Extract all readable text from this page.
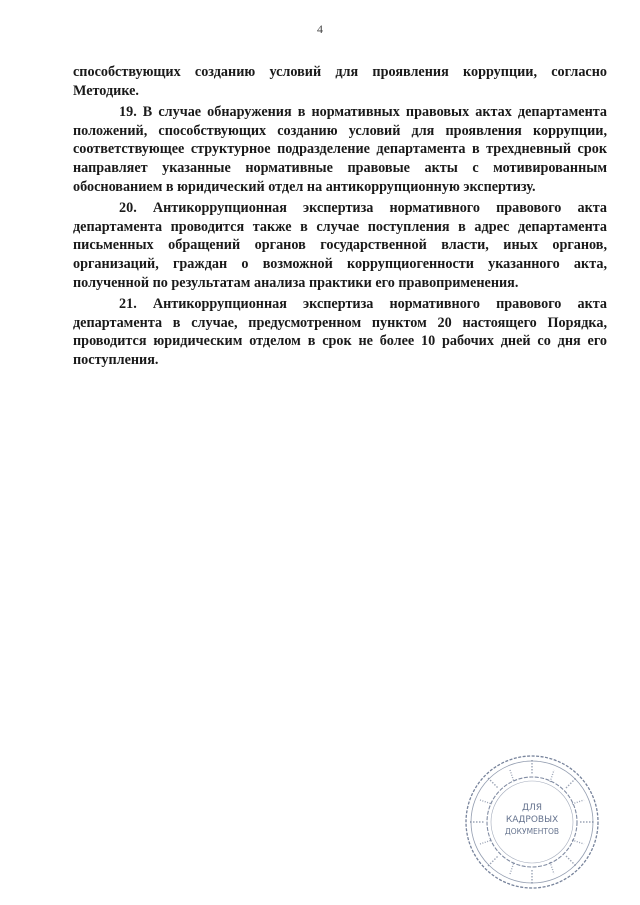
4

способствующих созданию условий для проявления коррупции, согласно
Методике.

19. В случае обнаружения в нормативных правовых актах департамента
положений, способствующих созданию условий для проявления коррупции,
соответствующее структурное подразделение департамента в трехдневный срок
направляет указанные нормативные правовые акты с мотивированным
обоснованием в юридический отдел на антикоррупционную экспертизу.

20. Антикоррупционная экспертиза нормативного правового акта
департамента проводится также в случае поступления в адрес департамента
письменных обращений органов государственной власти, иных органов,
организаций, граждан о возможной коррупциогенности указанного акта,
полученной по результатам анализа практики его правоприменения.

21. Антикоррупционная экспертиза нормативного правового акта
департамента в случае, предусмотренном пунктом 20 настоящего Порядка,
проводится юридическим отделом в срок не более 10 рабочих дней со дня его
поступления.

ДЛЯ
КАДРОВЫХ
ДОКУМЕНТОВ
